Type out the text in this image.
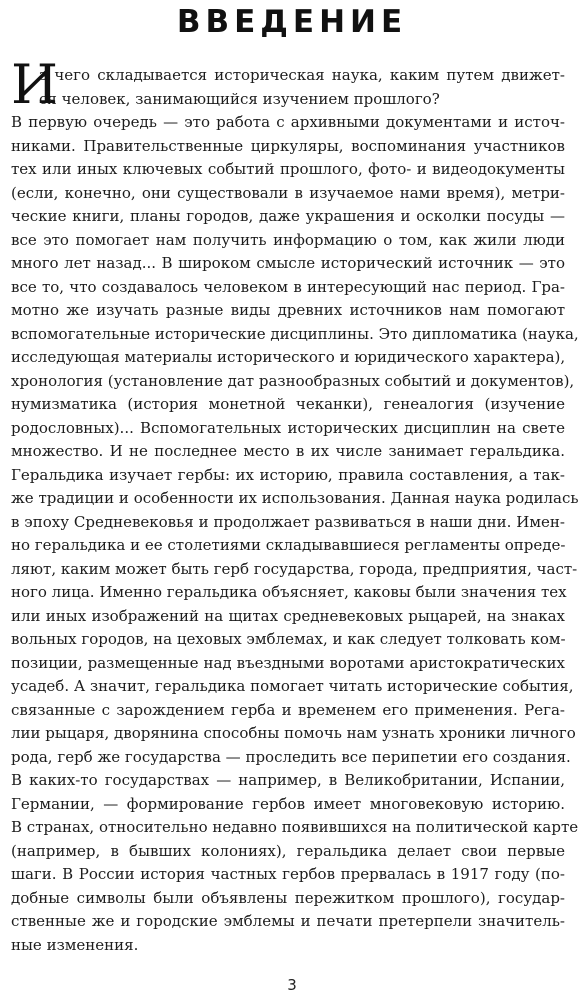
ВВЕДЕНИЕ
И
з чего складывается историческая наука, каким путем движет-
ся человек, занимающийся изучением прошлого?
В первую очередь — это работа с архивными документами и источ-
никами. Правительственные циркуляры, воспоминания участников
тех или иных ключевых событий прошлого, фото- и видеодокументы
(если, конечно, они существовали в изучаемое нами время), метри-
ческие книги, планы городов, даже украшения и осколки посуды —
все это помогает нам получить информацию о том, как жили люди
много лет назад... В широком смысле исторический источник — это
все то, что создавалось человеком в интересующий нас период. Гра-
мотно же изучать разные виды древних источников нам помогают
вспомогательные исторические дисциплины. Это дипломатика (наука,
исследующая материалы исторического и юридического характера),
хронология (установление дат разнообразных событий и документов),
нумизматика (история монетной чеканки), генеалогия (изучение
родословных)... Вспомогательных исторических дисциплин на свете
множество. И не последнее место в их числе занимает геральдика.
Геральдика изучает гербы: их историю, правила составления, а так-
же традиции и особенности их использования. Данная наука родилась
в эпоху Средневековья и продолжает развиваться в наши дни. Имен-
но геральдика и ее столетиями складывавшиеся регламенты опреде-
ляют, каким может быть герб государства, города, предприятия, част-
ного лица. Именно геральдика объясняет, каковы были значения тех
или иных изображений на щитах средневековых рыцарей, на знаках
вольных городов, на цеховых эмблемах, и как следует толковать ком-
позиции, размещенные над въездными воротами аристократических
усадеб. А значит, геральдика помогает читать исторические события,
связанные с зарождением герба и временем его применения. Рега-
лии рыцаря, дворянина способны помочь нам узнать хроники личного
рода, герб же государства — проследить все перипетии его создания.
В каких-то государствах — например, в Великобритании, Испании,
Германии, — формирование гербов имеет многовековую историю.
В странах, относительно недавно появившихся на политической карте
(например, в бывших колониях), геральдика делает свои первые
шаги. В России история частных гербов прервалась в 1917 году (по-
добные символы были объявлены пережитком прошлого), государ-
ственные же и городские эмблемы и печати претерпели значитель-
ные изменения.
3
